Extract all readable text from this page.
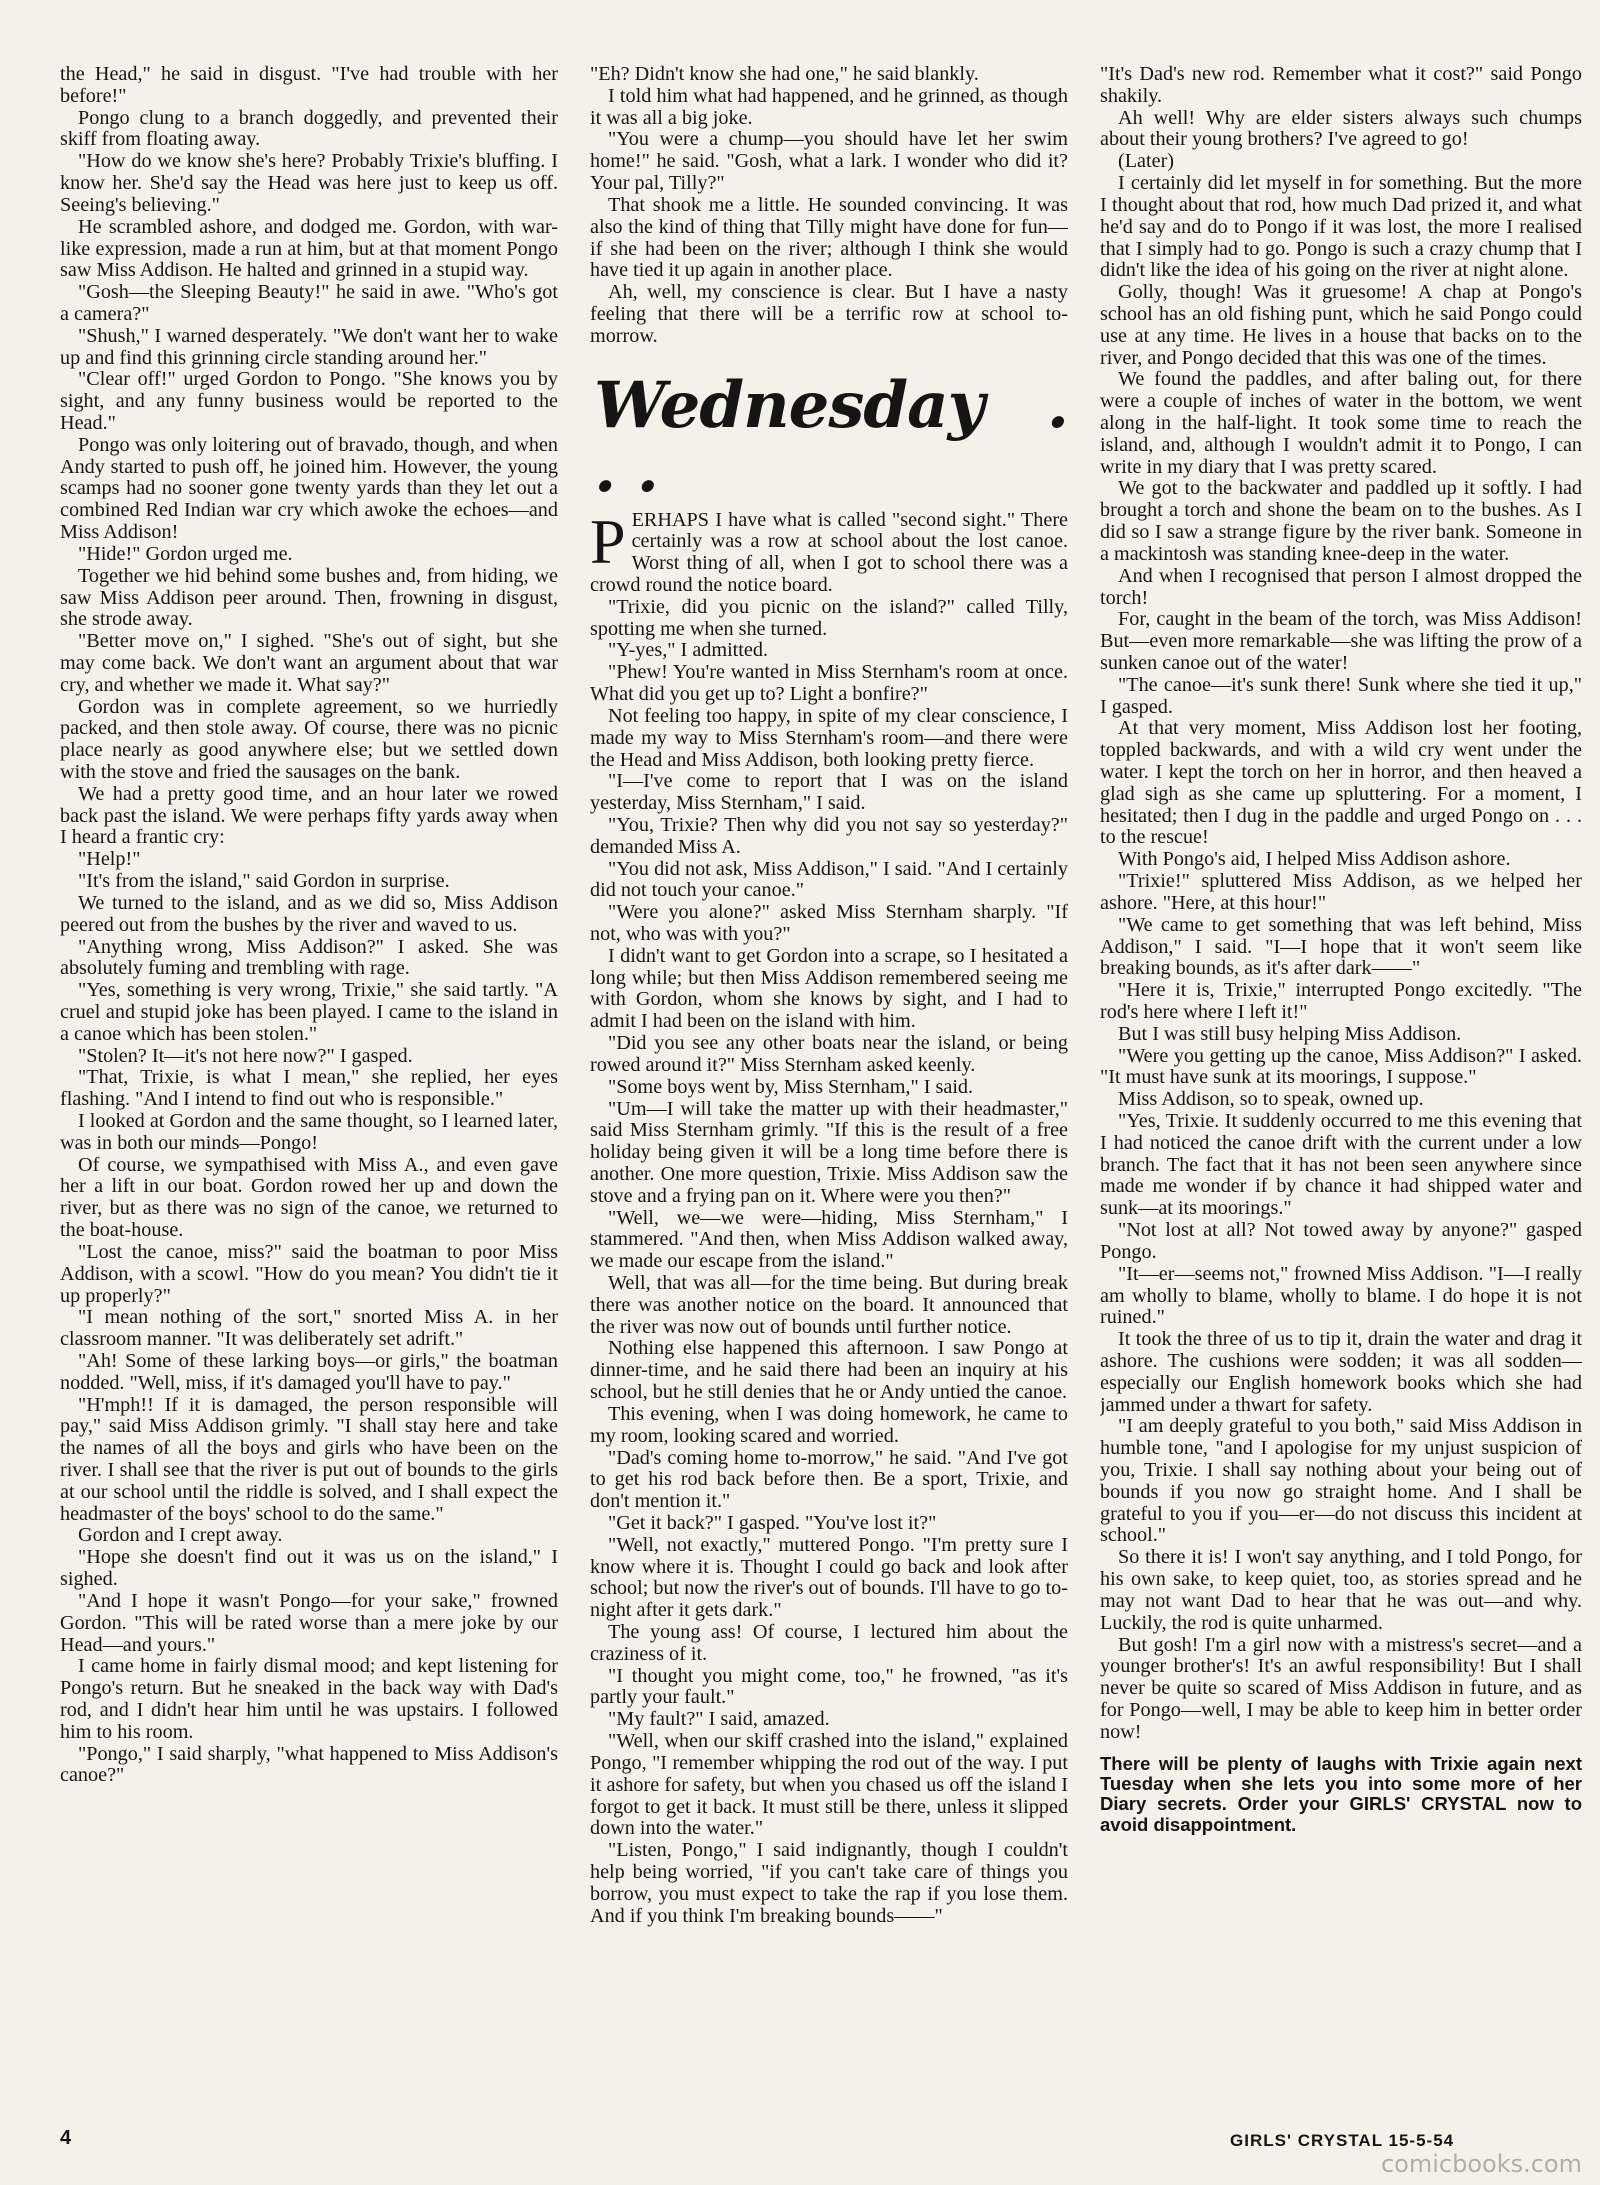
the Head," he said in disgust. "I've had trouble with her before!"

Pongo clung to a branch doggedly, and prevented their skiff from floating away.

"How do we know she's here? Probably Trixie's bluffing. I know her. She'd say the Head was here just to keep us off. Seeing's believing."

He scrambled ashore, and dodged me. Gordon, with war-like expression, made a run at him, but at that moment Pongo saw Miss Addison. He halted and grinned in a stupid way.

"Gosh—the Sleeping Beauty!" he said in awe. "Who's got a camera?"

"Shush," I warned desperately. "We don't want her to wake up and find this grinning circle standing around her."

"Clear off!" urged Gordon to Pongo. "She knows you by sight, and any funny business would be reported to the Head."

Pongo was only loitering out of bravado, though, and when Andy started to push off, he joined him. However, the young scamps had no sooner gone twenty yards than they let out a combined Red Indian war cry which awoke the echoes—and Miss Addison!

"Hide!" Gordon urged me.

Together we hid behind some bushes and, from hiding, we saw Miss Addison peer around. Then, frowning in disgust, she strode away.

"Better move on," I sighed. "She's out of sight, but she may come back. We don't want an argument about that war cry, and whether we made it. What say?"

Gordon was in complete agreement, so we hurriedly packed, and then stole away. Of course, there was no picnic place nearly as good anywhere else; but we settled down with the stove and fried the sausages on the bank.

We had a pretty good time, and an hour later we rowed back past the island. We were perhaps fifty yards away when I heard a frantic cry:

"Help!"

"It's from the island," said Gordon in surprise.

We turned to the island, and as we did so, Miss Addison peered out from the bushes by the river and waved to us.

"Anything wrong, Miss Addison?" I asked. She was absolutely fuming and trembling with rage.

"Yes, something is very wrong, Trixie," she said tartly. "A cruel and stupid joke has been played. I came to the island in a canoe which has been stolen."

"Stolen? It—it's not here now?" I gasped.

"That, Trixie, is what I mean," she replied, her eyes flashing. "And I intend to find out who is responsible."

I looked at Gordon and the same thought, so I learned later, was in both our minds—Pongo!

Of course, we sympathised with Miss A., and even gave her a lift in our boat. Gordon rowed her up and down the river, but as there was no sign of the canoe, we returned to the boat-house.

"Lost the canoe, miss?" said the boatman to poor Miss Addison, with a scowl. "How do you mean? You didn't tie it up properly?"

"I mean nothing of the sort," snorted Miss A. in her classroom manner. "It was deliberately set adrift."

"Ah! Some of these larking boys—or girls," the boatman nodded. "Well, miss, if it's damaged you'll have to pay."

"H'mph!! If it is damaged, the person responsible will pay," said Miss Addison grimly. "I shall stay here and take the names of all the boys and girls who have been on the river. I shall see that the river is put out of bounds to the girls at our school until the riddle is solved, and I shall expect the headmaster of the boys' school to do the same."

Gordon and I crept away.

"Hope she doesn't find out it was us on the island," I sighed.

"And I hope it wasn't Pongo—for your sake," frowned Gordon. "This will be rated worse than a mere joke by our Head—and yours."

I came home in fairly dismal mood; and kept listening for Pongo's return. But he sneaked in the back way with Dad's rod, and I didn't hear him until he was upstairs. I followed him to his room.

"Pongo," I said sharply, "what happened to Miss Addison's canoe?"

"Eh? Didn't know she had one," he said blankly.

I told him what had happened, and he grinned, as though it was all a big joke.

"You were a chump—you should have let her swim home!" he said. "Gosh, what a lark. I wonder who did it? Your pal, Tilly?"

That shook me a little. He sounded convincing. It was also the kind of thing that Tilly might have done for fun—if she had been on the river; although I think she would have tied it up again in another place.

Ah, well, my conscience is clear. But I have a nasty feeling that there will be a terrific row at school to-morrow.

Wednesday . . .

PERHAPS I have what is called "second sight." There certainly was a row at school about the lost canoe. Worst thing of all, when I got to school there was a crowd round the notice board.

"Trixie, did you picnic on the island?" called Tilly, spotting me when she turned.

"Y-yes," I admitted.

"Phew! You're wanted in Miss Sternham's room at once. What did you get up to? Light a bonfire?"

Not feeling too happy, in spite of my clear conscience, I made my way to Miss Sternham's room—and there were the Head and Miss Addison, both looking pretty fierce.

"I—I've come to report that I was on the island yesterday, Miss Sternham," I said.

"You, Trixie? Then why did you not say so yesterday?" demanded Miss A.

"You did not ask, Miss Addison," I said. "And I certainly did not touch your canoe."

"Were you alone?" asked Miss Sternham sharply. "If not, who was with you?"

I didn't want to get Gordon into a scrape, so I hesitated a long while; but then Miss Addison remembered seeing me with Gordon, whom she knows by sight, and I had to admit I had been on the island with him.

"Did you see any other boats near the island, or being rowed around it?" Miss Sternham asked keenly.

"Some boys went by, Miss Sternham," I said.

"Um—I will take the matter up with their headmaster," said Miss Sternham grimly. "If this is the result of a free holiday being given it will be a long time before there is another. One more question, Trixie. Miss Addison saw the stove and a frying pan on it. Where were you then?"

"Well, we—we were—hiding, Miss Sternham," I stammered. "And then, when Miss Addison walked away, we made our escape from the island."

Well, that was all—for the time being. But during break there was another notice on the board. It announced that the river was now out of bounds until further notice.

Nothing else happened this afternoon. I saw Pongo at dinner-time, and he said there had been an inquiry at his school, but he still denies that he or Andy untied the canoe.

This evening, when I was doing homework, he came to my room, looking scared and worried.

"Dad's coming home to-morrow," he said. "And I've got to get his rod back before then. Be a sport, Trixie, and don't mention it."

"Get it back?" I gasped. "You've lost it?"

"Well, not exactly," muttered Pongo. "I'm pretty sure I know where it is. Thought I could go back and look after school; but now the river's out of bounds. I'll have to go to-night after it gets dark."

The young ass! Of course, I lectured him about the craziness of it.

"I thought you might come, too," he frowned, "as it's partly your fault."

"My fault?" I said, amazed.

"Well, when our skiff crashed into the island," explained Pongo, "I remember whipping the rod out of the way. I put it ashore for safety, but when you chased us off the island I forgot to get it back. It must still be there, unless it slipped down into the water."

"Listen, Pongo," I said indignantly, though I couldn't help being worried, "if you can't take care of things you borrow, you must expect to take the rap if you lose them. And if you think I'm breaking bounds——"

"It's Dad's new rod. Remember what it cost?" said Pongo shakily.

Ah well! Why are elder sisters always such chumps about their young brothers? I've agreed to go!

(Later)

I certainly did let myself in for something. But the more I thought about that rod, how much Dad prized it, and what he'd say and do to Pongo if it was lost, the more I realised that I simply had to go. Pongo is such a crazy chump that I didn't like the idea of his going on the river at night alone.

Golly, though! Was it gruesome! A chap at Pongo's school has an old fishing punt, which he said Pongo could use at any time. He lives in a house that backs on to the river, and Pongo decided that this was one of the times.

We found the paddles, and after baling out, for there were a couple of inches of water in the bottom, we went along in the half-light. It took some time to reach the island, and, although I wouldn't admit it to Pongo, I can write in my diary that I was pretty scared.

We got to the backwater and paddled up it softly. I had brought a torch and shone the beam on to the bushes. As I did so I saw a strange figure by the river bank. Someone in a mackintosh was standing knee-deep in the water.

And when I recognised that person I almost dropped the torch!

For, caught in the beam of the torch, was Miss Addison! But—even more remarkable—she was lifting the prow of a sunken canoe out of the water!

"The canoe—it's sunk there! Sunk where she tied it up," I gasped.

At that very moment, Miss Addison lost her footing, toppled backwards, and with a wild cry went under the water. I kept the torch on her in horror, and then heaved a glad sigh as she came up spluttering. For a moment, I hesitated; then I dug in the paddle and urged Pongo on . . . to the rescue!

With Pongo's aid, I helped Miss Addison ashore.

"Trixie!" spluttered Miss Addison, as we helped her ashore. "Here, at this hour!"

"We came to get something that was left behind, Miss Addison," I said. "I—I hope that it won't seem like breaking bounds, as it's after dark——"

"Here it is, Trixie," interrupted Pongo excitedly. "The rod's here where I left it!"

But I was still busy helping Miss Addison.

"Were you getting up the canoe, Miss Addison?" I asked. "It must have sunk at its moorings, I suppose."

Miss Addison, so to speak, owned up.

"Yes, Trixie. It suddenly occurred to me this evening that I had noticed the canoe drift with the current under a low branch. The fact that it has not been seen anywhere since made me wonder if by chance it had shipped water and sunk—at its moorings."

"Not lost at all? Not towed away by anyone?" gasped Pongo.

"It—er—seems not," frowned Miss Addison. "I—I really am wholly to blame, wholly to blame. I do hope it is not ruined."

It took the three of us to tip it, drain the water and drag it ashore. The cushions were sodden; it was all sodden—especially our English homework books which she had jammed under a thwart for safety.

"I am deeply grateful to you both," said Miss Addison in humble tone, "and I apologise for my unjust suspicion of you, Trixie. I shall say nothing about your being out of bounds if you now go straight home. And I shall be grateful to you if you—er—do not discuss this incident at school."

So there it is! I won't say anything, and I told Pongo, for his own sake, to keep quiet, too, as stories spread and he may not want Dad to hear that he was out—and why. Luckily, the rod is quite unharmed.

But gosh! I'm a girl now with a mistress's secret—and a younger brother's! It's an awful responsibility! But I shall never be quite so scared of Miss Addison in future, and as for Pongo—well, I may be able to keep him in better order now!

There will be plenty of laughs with Trixie again next Tuesday when she lets you into some more of her Diary secrets. Order your GIRLS' CRYSTAL now to avoid disappointment.

4	GIRLS' CRYSTAL 15-5-54
comicbooks.com
